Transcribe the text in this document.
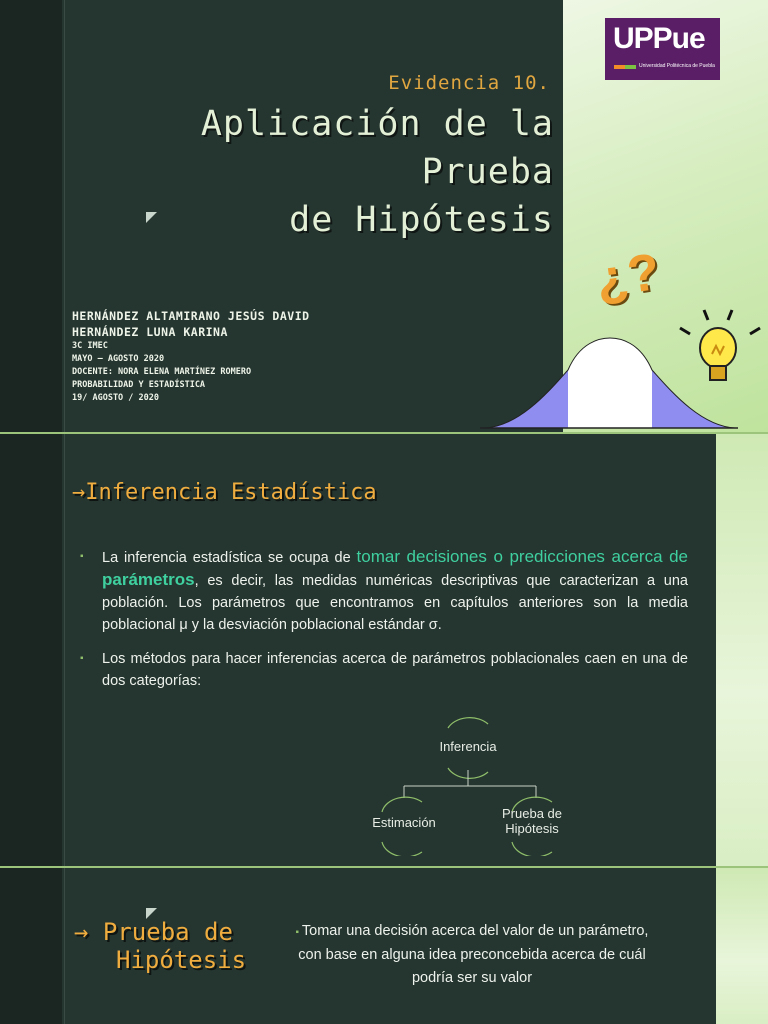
Evidencia 10.
Aplicación de la
Prueba
de Hipótesis
HERNÁNDEZ ALTAMIRANO JESÚS DAVID
HERNÁNDEZ LUNA KARINA
3C IMEC
MAYO – AGOSTO 2020
DOCENTE: NORA ELENA MARTÍNEZ ROMERO
PROBABILIDAD Y ESTADÍSTICA
19/ AGOSTO / 2020
UPPue
Universidad Politécnica de Puebla
¿?
→Inferencia Estadística
▪ La inferencia estadística se ocupa de tomar decisiones o predicciones acerca de parámetros, es decir, las medidas numéricas descriptivas que caracterizan a una población. Los parámetros que encontramos en capítulos anteriores son la media poblacional μ y la desviación poblacional estándar σ.
▪ Los métodos para hacer inferencias acerca de parámetros poblacionales caen en una de dos categorías:
Inferencia
Estimación
Prueba de Hipótesis
→ Prueba de
Hipótesis
▪ Tomar una decisión acerca del valor de un parámetro, con base en alguna idea preconcebida acerca de cuál podría ser su valor
